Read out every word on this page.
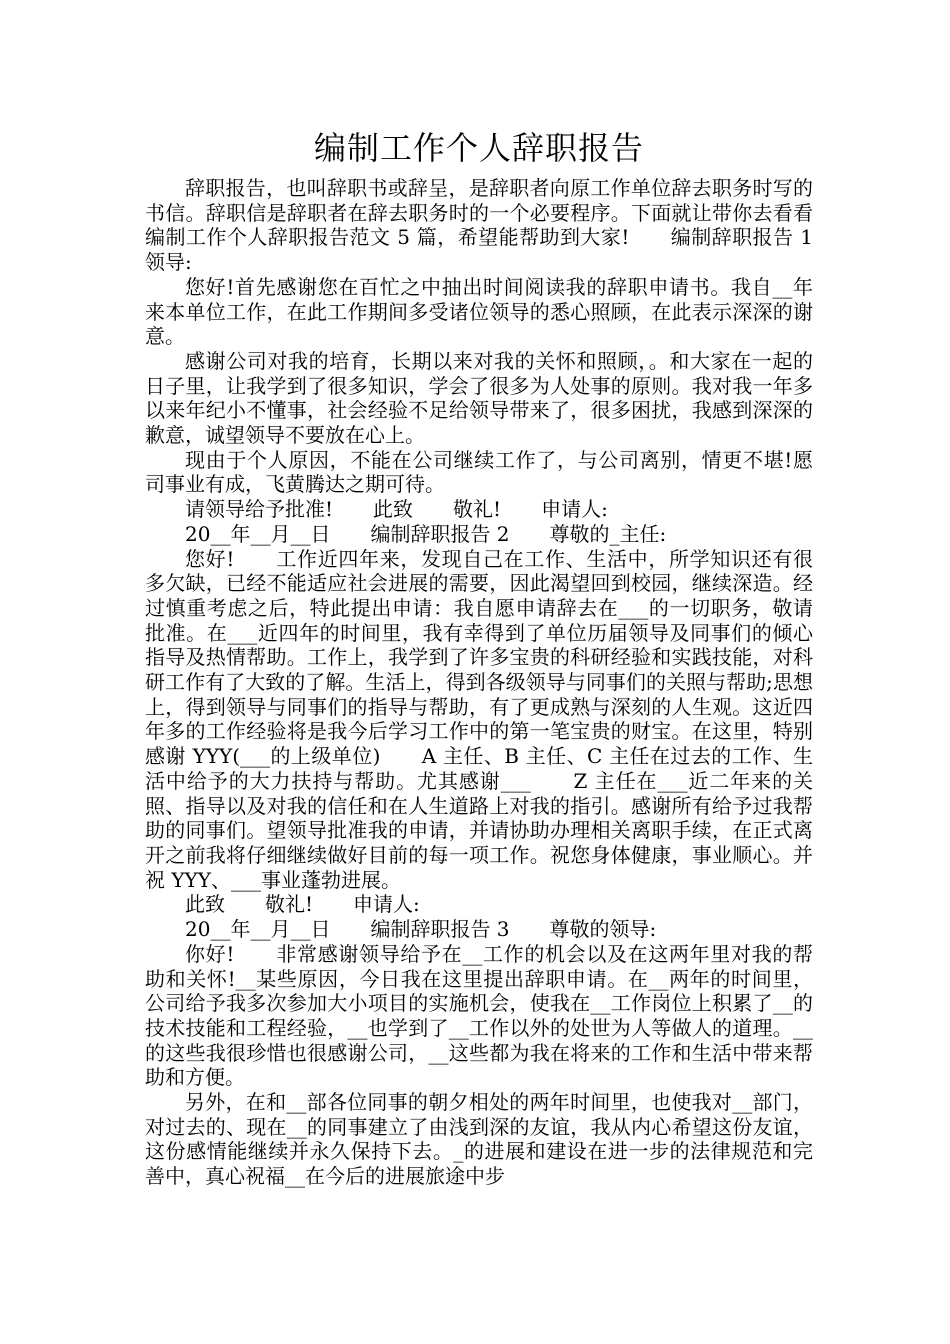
编制工作个人辞职报告

辞职报告，也叫辞职书或辞呈，是辞职者向原工作单位辞去职务时写的书信。辞职信是辞职者在辞去职务时的一个必要程序。下面就让带你去看看编制工作个人辞职报告范文 5 篇，希望能帮助到大家!　　编制辞职报告 1　　领导:

您好!首先感谢您在百忙之中抽出时间阅读我的辞职申请书。我自__年来本单位工作，在此工作期间多受诸位领导的悉心照顾，在此表示深深的谢意。

感谢公司对我的培育，长期以来对我的关怀和照顾，。和大家在一起的日子里，让我学到了很多知识，学会了很多为人处事的原则。我对我一年多以来年纪小不懂事，社会经验不足给领导带来了，很多困扰，我感到深深的歉意，诚望领导不要放在心上。

现由于个人原因，不能在公司继续工作了，与公司离别，情更不堪!愿司事业有成，飞黄腾达之期可待。

请领导给予批准!　　此致　　敬礼!　　申请人:

20__年__月__日　　编制辞职报告 2　　尊敬的_主任:

您好!　　工作近四年来，发现自己在工作、生活中，所学知识还有很多欠缺，已经不能适应社会进展的需要，因此渴望回到校园，继续深造。经过慎重考虑之后，特此提出申请：我自愿申请辞去在___的一切职务，敬请批准。在___近四年的时间里，我有幸得到了单位历届领导及同事们的倾心指导及热情帮助。工作上，我学到了许多宝贵的科研经验和实践技能，对科研工作有了大致的了解。生活上，得到各级领导与同事们的关照与帮助;思想上，得到领导与同事们的指导与帮助，有了更成熟与深刻的人生观。这近四年多的工作经验将是我今后学习工作中的第一笔宝贵的财宝。在这里，特别感谢 YYY(___的上级单位)　　A 主任、B 主任、C 主任在过去的工作、生活中给予的大力扶持与帮助。尤其感谢___　　Z 主任在___近二年来的关照、指导以及对我的信任和在人生道路上对我的指引。感谢所有给予过我帮助的同事们。望领导批准我的申请，并请协助办理相关离职手续，在正式离开之前我将仔细继续做好目前的每一项工作。祝您身体健康，事业顺心。并祝 YYY、___事业蓬勃进展。

此致　　敬礼!　　申请人:

20__年__月__日　　编制辞职报告 3　　尊敬的领导:

你好!　　非常感谢领导给予在__工作的机会以及在这两年里对我的帮助和关怀!__某些原因，今日我在这里提出辞职申请。在__两年的时间里，公司给予我多次参加大小项目的实施机会，使我在__工作岗位上积累了__的技术技能和工程经验，__也学到了__工作以外的处世为人等做人的道理。__的这些我很珍惜也很感谢公司，__这些都为我在将来的工作和生活中带来帮助和方便。

另外，在和__部各位同事的朝夕相处的两年时间里，也使我对__部门，对过去的、现在__的同事建立了由浅到深的友谊，我从内心希望这份友谊，这份感情能继续并永久保持下去。_的进展和建设在进一步的法律规范和完善中，真心祝福__在今后的进展旅途中步
